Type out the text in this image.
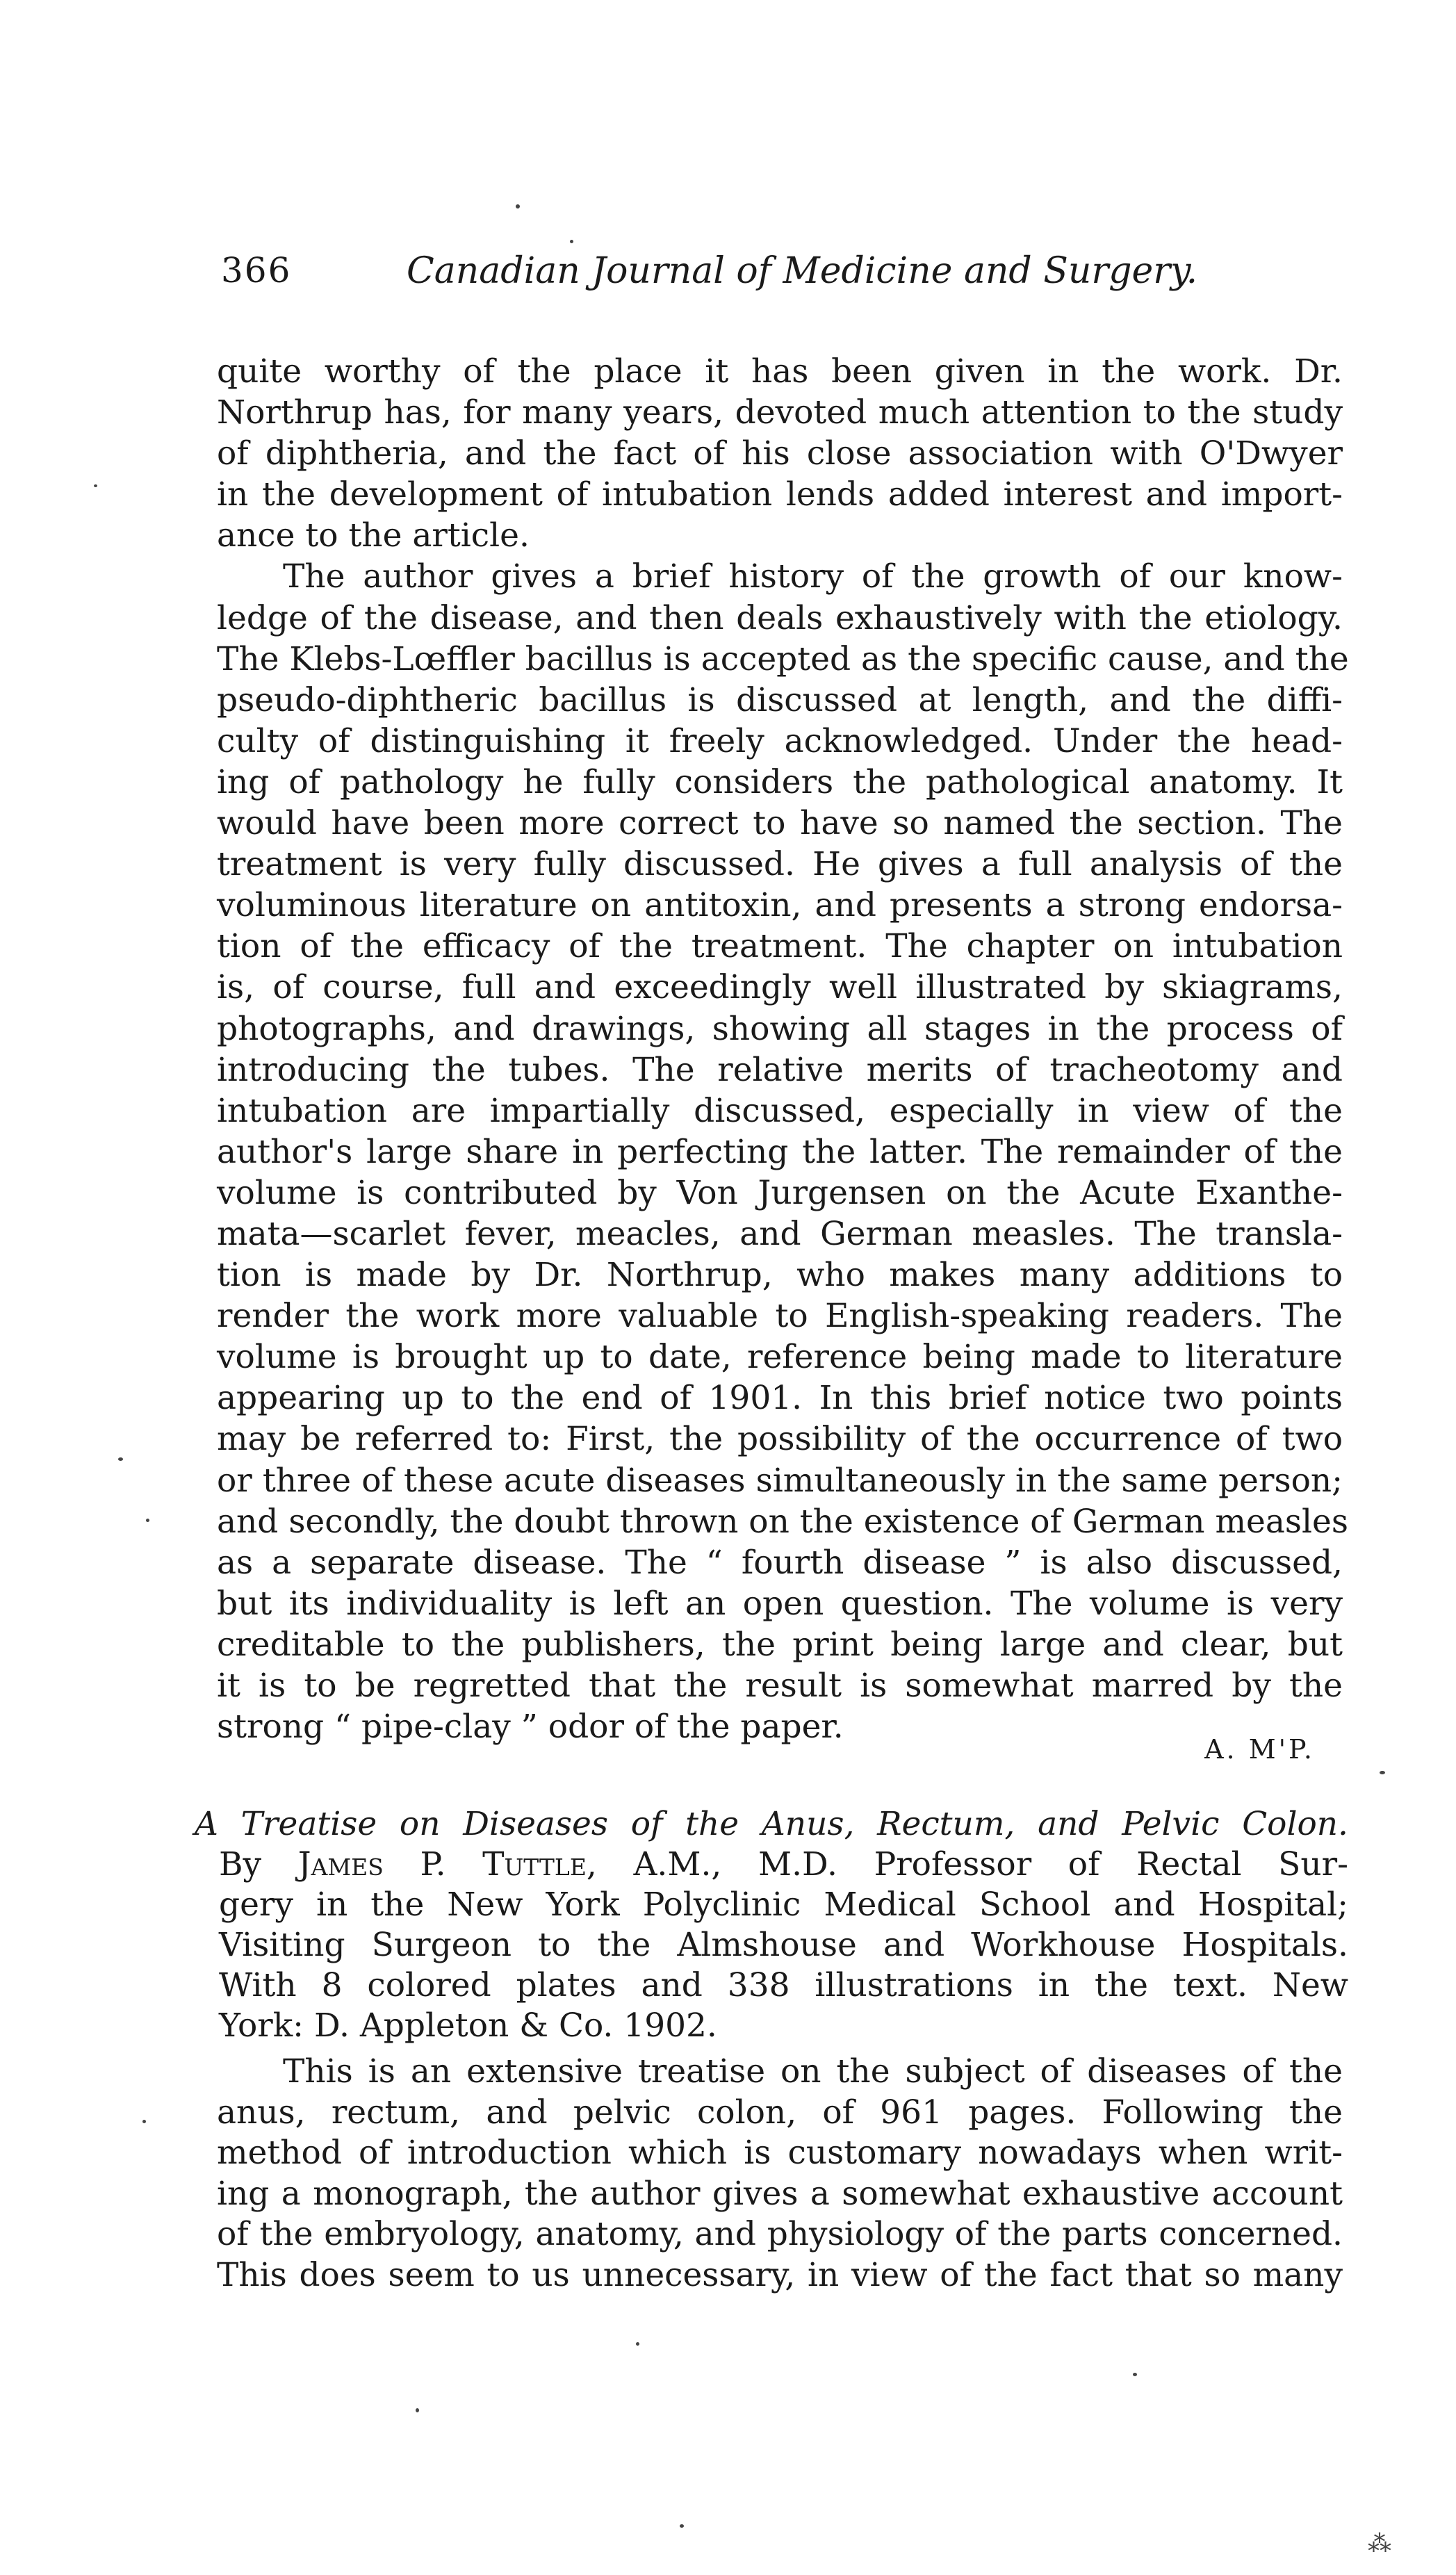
366	Canadian Journal of Medicine and Surgery.
quite worthy of the place it has been given in the work. Dr.
Northrup has, for many years, devoted much attention to the study
of diphtheria, and the fact of his close association with O'Dwyer
in the development of intubation lends added interest and import-
ance to the article.
The author gives a brief history of the growth of our know-
ledge of the disease, and then deals exhaustively with the etiology.
The Klebs-Lœffler bacillus is accepted as the specific cause, and the
pseudo-diphtheric bacillus is discussed at length, and the diffi-
culty of distinguishing it freely acknowledged. Under the head-
ing of pathology he fully considers the pathological anatomy. It
would have been more correct to have so named the section. The
treatment is very fully discussed. He gives a full analysis of the
voluminous literature on antitoxin, and presents a strong endorsa-
tion of the efficacy of the treatment. The chapter on intubation
is, of course, full and exceedingly well illustrated by skiagrams,
photographs, and drawings, showing all stages in the process of
introducing the tubes. The relative merits of tracheotomy and
intubation are impartially discussed, especially in view of the
author's large share in perfecting the latter. The remainder of the
volume is contributed by Von Jurgensen on the Acute Exanthe-
mata—scarlet fever, meacles, and German measles. The transla-
tion is made by Dr. Northrup, who makes many additions to
render the work more valuable to English-speaking readers. The
volume is brought up to date, reference being made to literature
appearing up to the end of 1901. In this brief notice two points
may be referred to: First, the possibility of the occurrence of two
or three of these acute diseases simultaneously in the same person;
and secondly, the doubt thrown on the existence of German measles
as a separate disease. The “ fourth disease ” is also discussed,
but its individuality is left an open question. The volume is very
creditable to the publishers, the print being large and clear, but
it is to be regretted that the result is somewhat marred by the
strong “ pipe-clay ” odor of the paper.
A. M'P.
A Treatise on Diseases of the Anus, Rectum, and Pelvic Colon.
By James P. Tuttle, A.M., M.D. Professor of Rectal Sur-
gery in the New York Polyclinic Medical School and Hospital;
Visiting Surgeon to the Almshouse and Workhouse Hospitals.
With 8 colored plates and 338 illustrations in the text. New
York: D. Appleton & Co. 1902.
This is an extensive treatise on the subject of diseases of the
anus, rectum, and pelvic colon, of 961 pages. Following the
method of introduction which is customary nowadays when writ-
ing a monograph, the author gives a somewhat exhaustive account
of the embryology, anatomy, and physiology of the parts concerned.
This does seem to us unnecessary, in view of the fact that so many
⁂
